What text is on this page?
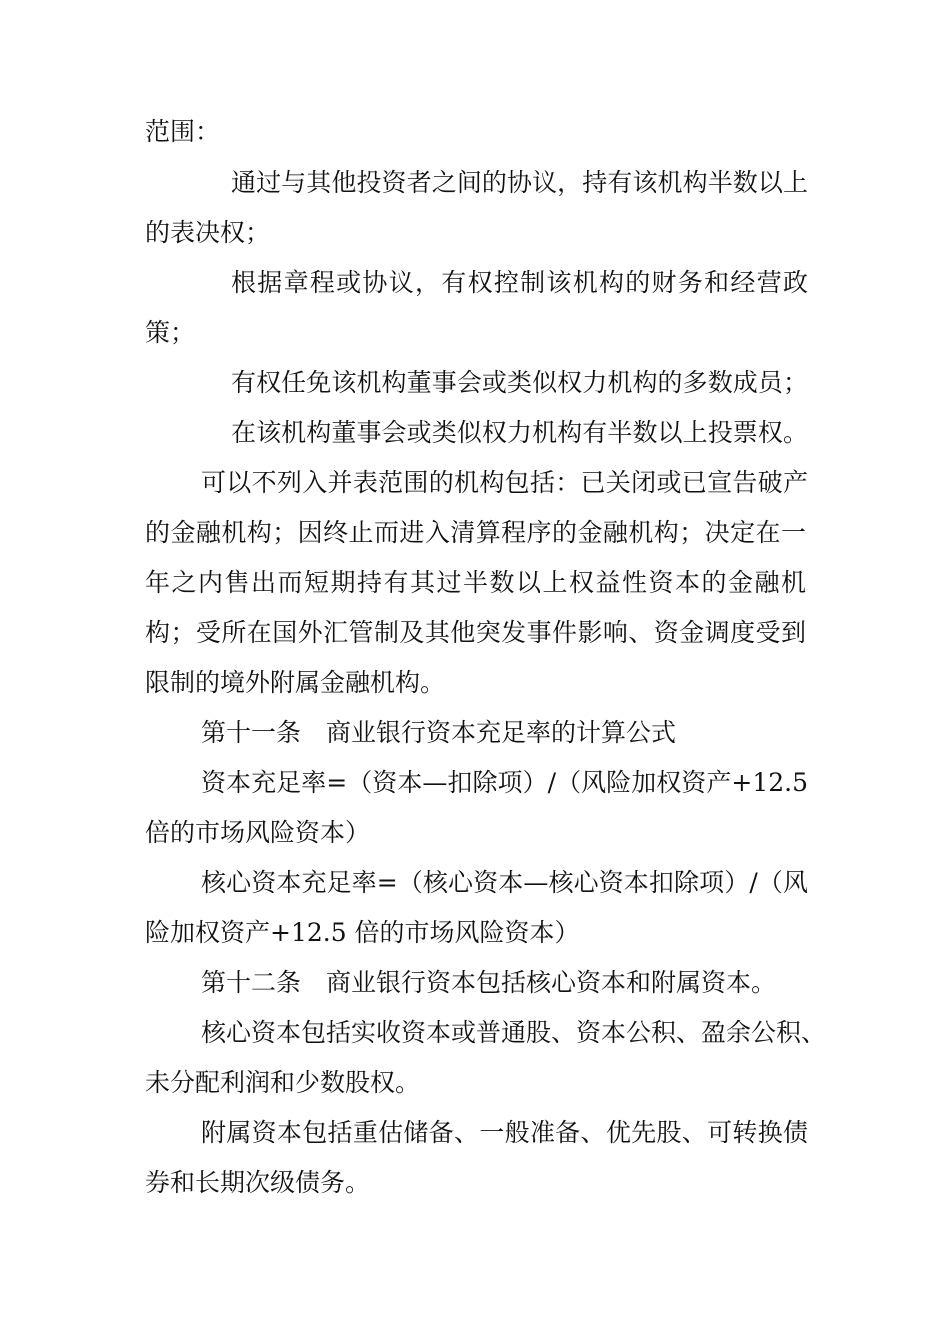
范围：

通过与其他投资者之间的协议，持有该机构半数以上

的表决权；

根据章程或协议，有权控制该机构的财务和经营政

策；

有权任免该机构董事会或类似权力机构的多数成员；

在该机构董事会或类似权力机构有半数以上投票权。

可以不列入并表范围的机构包括：已关闭或已宣告破产

的金融机构；因终止而进入清算程序的金融机构；决定在一

年之内售出而短期持有其过半数以上权益性资本的金融机

构；受所在国外汇管制及其他突发事件影响、资金调度受到

限制的境外附属金融机构。

第十一条　商业银行资本充足率的计算公式

资本充足率=（资本—扣除项）/（风险加权资产+12.5

倍的市场风险资本）

核心资本充足率=（核心资本—核心资本扣除项）/（风

险加权资产+12.5 倍的市场风险资本）

第十二条　商业银行资本包括核心资本和附属资本。

核心资本包括实收资本或普通股、资本公积、盈余公积、

未分配利润和少数股权。

附属资本包括重估储备、一般准备、优先股、可转换债

券和长期次级债务。
